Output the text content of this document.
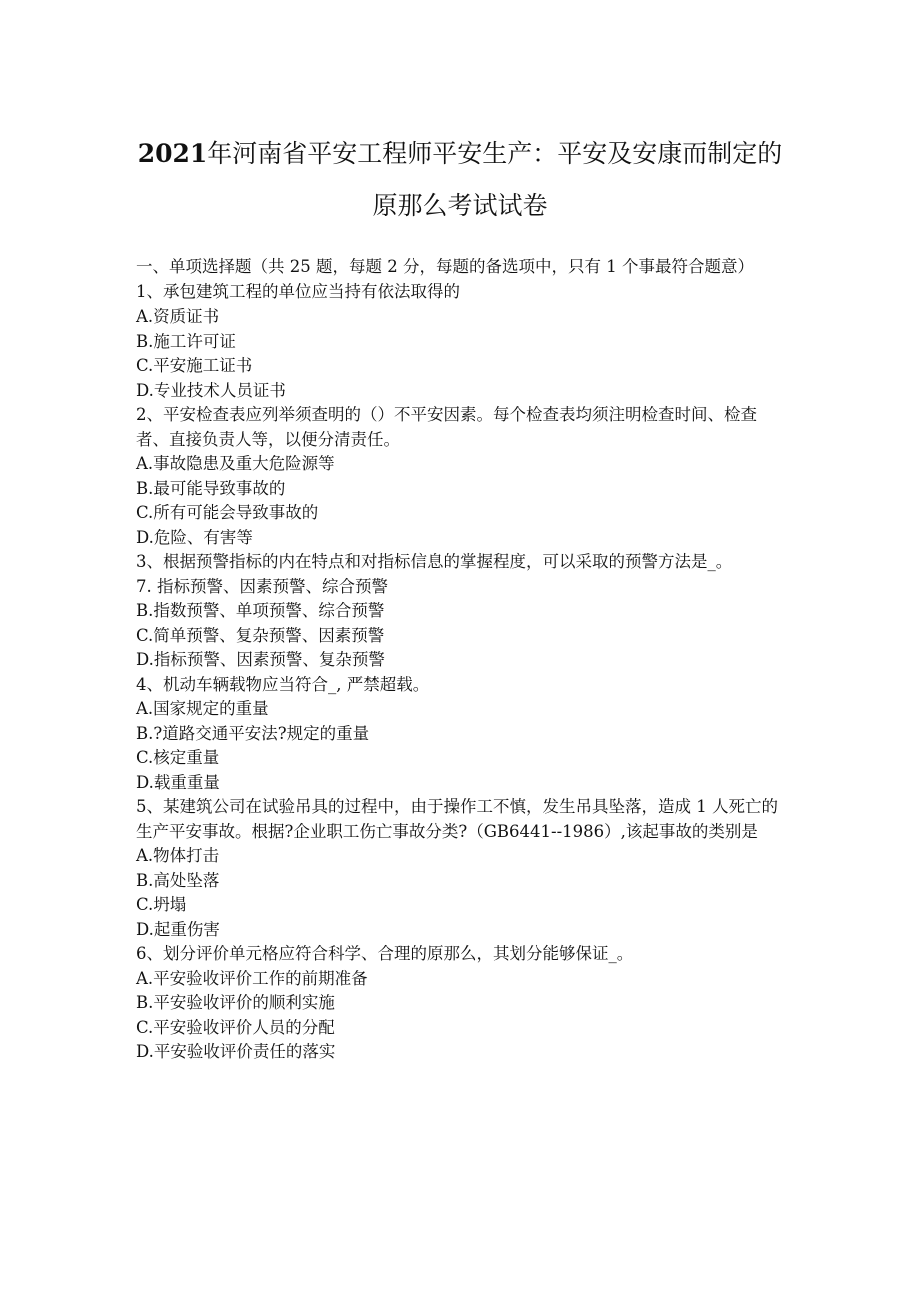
2021年河南省平安工程师平安生产：平安及安康而制定的
原那么考试试卷

一、单项选择题（共 25 题，每题 2 分，每题的备选项中，只有 1 个事最符合题意）

1、承包建筑工程的单位应当持有依法取得的

A.资质证书

B.施工许可证

C.平安施工证书

D.专业技术人员证书

2、平安检查表应列举须查明的（）不平安因素。每个检查表均须注明检查时间、检查者、直接负责人等，以便分清责任。

A.事故隐患及重大危险源等

B.最可能导致事故的

C.所有可能会导致事故的

D.危险、有害等

3、根据预警指标的内在特点和对指标信息的掌握程度，可以采取的预警方法是_。

7. 指标预警、因素预警、综合预警

B.指数预警、单项预警、综合预警

C.简单预警、复杂预警、因素预警

D.指标预警、因素预警、复杂预警

4、机动车辆载物应当符合_, 严禁超载。

A.国家规定的重量

B.?道路交通平安法?规定的重量

C.核定重量

D.载重重量

5、某建筑公司在试验吊具的过程中，由于操作工不慎，发生吊具坠落，造成 1 人死亡的生产平安事故。根据?企业职工伤亡事故分类?（GB6441--1986）,该起事故的类别是

A.物体打击

B.高处坠落

C.坍塌

D.起重伤害

6、划分评价单元格应符合科学、合理的原那么，其划分能够保证_。

A.平安验收评价工作的前期准备

B.平安验收评价的顺利实施

C.平安验收评价人员的分配

D.平安验收评价责任的落实
